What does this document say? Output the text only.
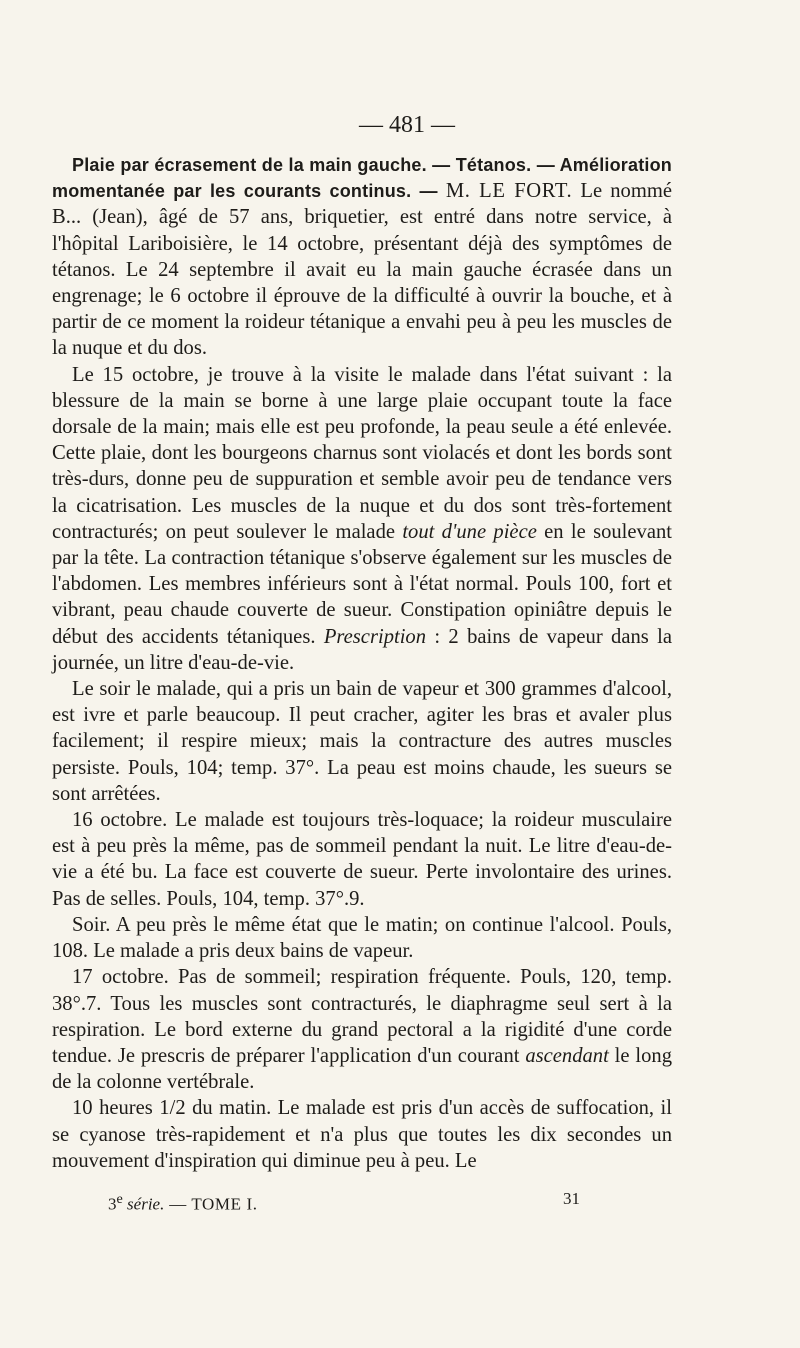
— 481 —

Plaie par écrasement de la main gauche. — Tétanos. — Amélioration momentanée par les courants continus. — M. LE FORT. Le nommé B... (Jean), âgé de 57 ans, briquetier, est entré dans notre service, à l'hôpital Lariboisière, le 14 octobre, présentant déjà des symptômes de tétanos. Le 24 septembre il avait eu la main gauche écrasée dans un engrenage; le 6 octobre il éprouve de la difficulté à ouvrir la bouche, et à partir de ce moment la roideur tétanique a envahi peu à peu les muscles de la nuque et du dos.

Le 15 octobre, je trouve à la visite le malade dans l'état suivant : la blessure de la main se borne à une large plaie occupant toute la face dorsale de la main; mais elle est peu profonde, la peau seule a été enlevée. Cette plaie, dont les bourgeons charnus sont violacés et dont les bords sont très-durs, donne peu de suppuration et semble avoir peu de tendance vers la cicatrisation. Les muscles de la nuque et du dos sont très-fortement contracturés; on peut soulever le malade tout d'une pièce en le soulevant par la tête. La contraction tétanique s'observe également sur les muscles de l'abdomen. Les membres inférieurs sont à l'état normal. Pouls 100, fort et vibrant, peau chaude couverte de sueur. Constipation opiniâtre depuis le début des accidents tétaniques. Prescription : 2 bains de vapeur dans la journée, un litre d'eau-de-vie.

Le soir le malade, qui a pris un bain de vapeur et 300 grammes d'alcool, est ivre et parle beaucoup. Il peut cracher, agiter les bras et avaler plus facilement; il respire mieux; mais la contracture des autres muscles persiste. Pouls, 104; temp. 37°. La peau est moins chaude, les sueurs se sont arrêtées.

16 octobre. Le malade est toujours très-loquace; la roideur musculaire est à peu près la même, pas de sommeil pendant la nuit. Le litre d'eau-de-vie a été bu. La face est couverte de sueur. Perte involontaire des urines. Pas de selles. Pouls, 104, temp. 37°.9.

Soir. A peu près le même état que le matin; on continue l'alcool. Pouls, 108. Le malade a pris deux bains de vapeur.

17 octobre. Pas de sommeil; respiration fréquente. Pouls, 120, temp. 38°.7. Tous les muscles sont contracturés, le diaphragme seul sert à la respiration. Le bord externe du grand pectoral a la rigidité d'une corde tendue. Je prescris de préparer l'application d'un courant ascendant le long de la colonne vertébrale.

10 heures 1/2 du matin. Le malade est pris d'un accès de suffocation, il se cyanose très-rapidement et n'a plus que toutes les dix secondes un mouvement d'inspiration qui diminue peu à peu. Le

3e série. — TOME I.	31
